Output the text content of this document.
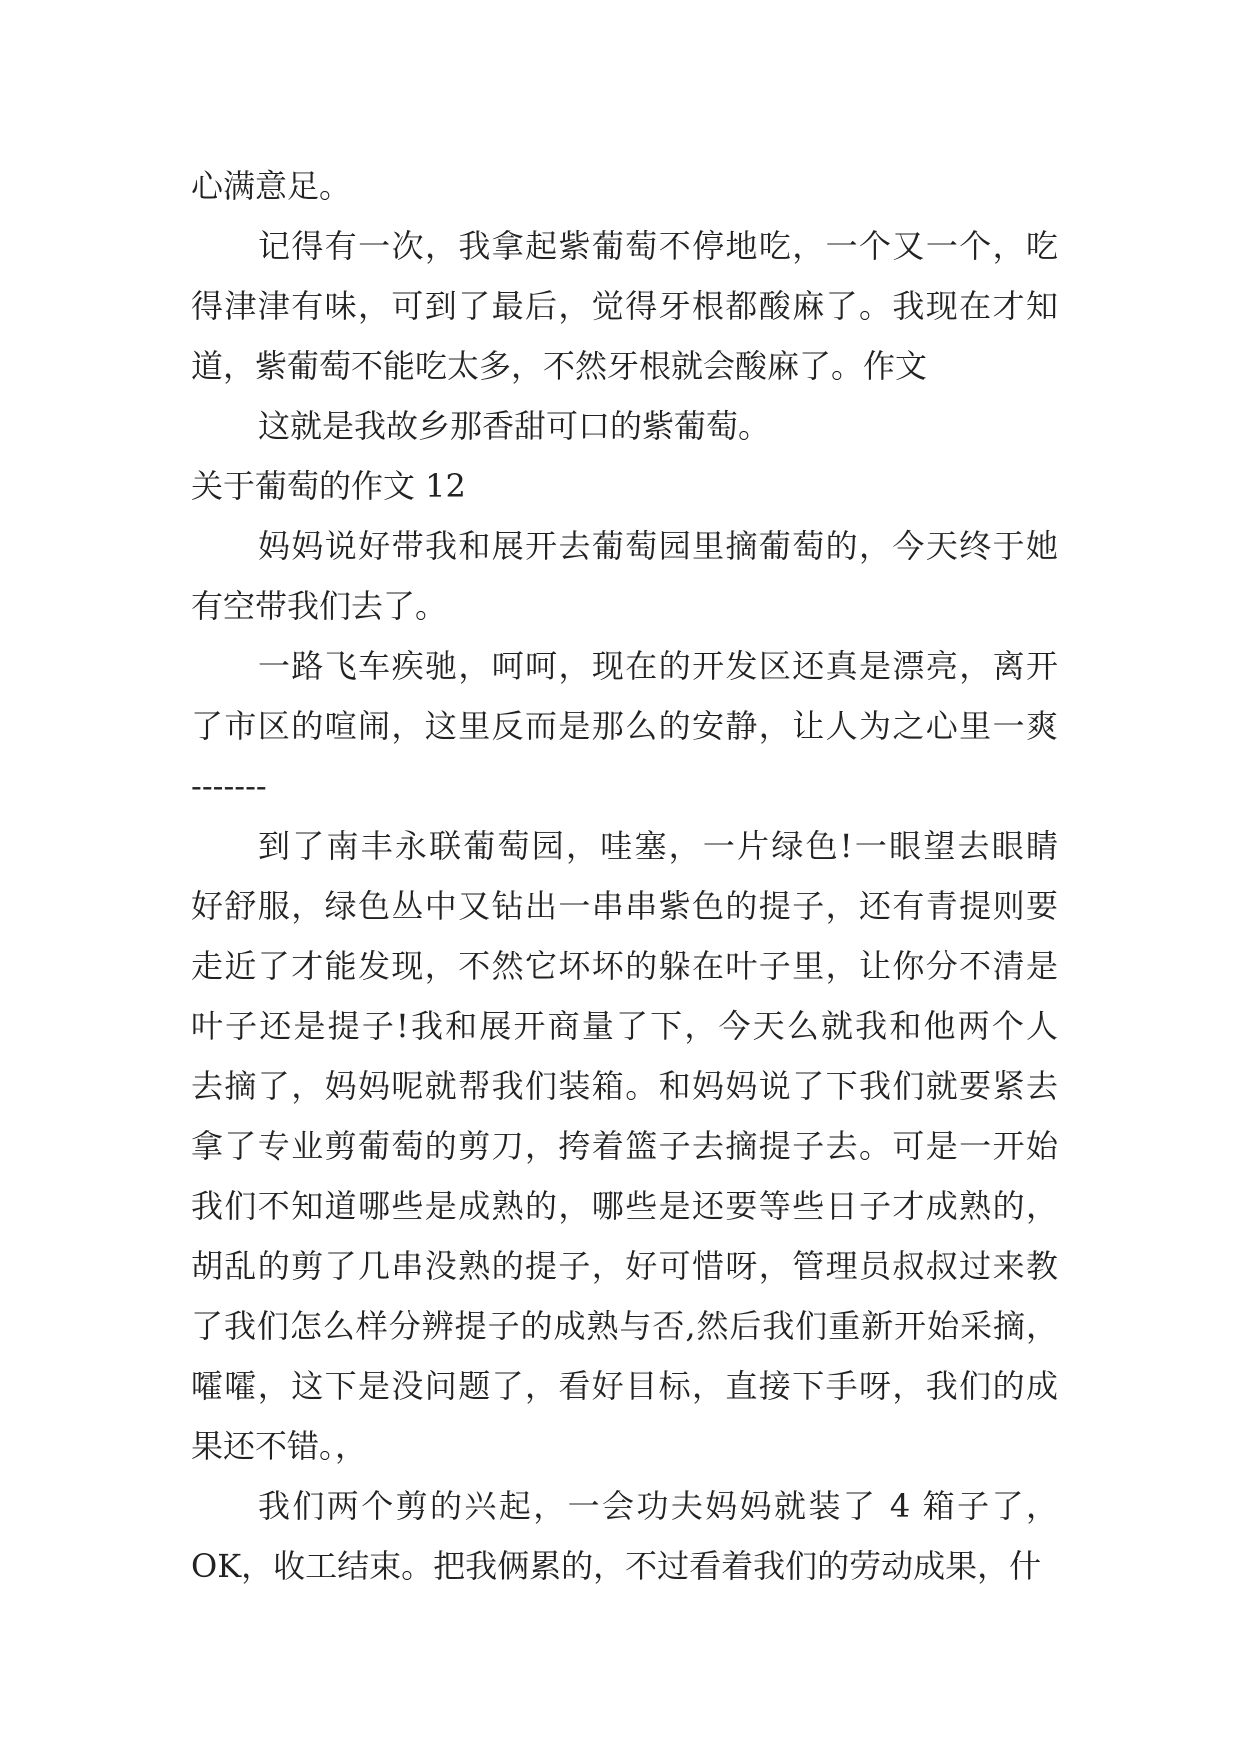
心满意足。
记得有一次，我拿起紫葡萄不停地吃，一个又一个，吃
得津津有味，可到了最后，觉得牙根都酸麻了。我现在才知
道，紫葡萄不能吃太多，不然牙根就会酸麻了。作文
这就是我故乡那香甜可口的紫葡萄。
关于葡萄的作文 12
妈妈说好带我和展开去葡萄园里摘葡萄的，今天终于她
有空带我们去了。
一路飞车疾驰，呵呵，现在的开发区还真是漂亮，离开
了市区的喧闹，这里反而是那么的安静，让人为之心里一爽
-------
到了南丰永联葡萄园，哇塞，一片绿色!一眼望去眼睛
好舒服，绿色丛中又钻出一串串紫色的提子，还有青提则要
走近了才能发现，不然它坏坏的躲在叶子里，让你分不清是
叶子还是提子!我和展开商量了下，今天么就我和他两个人
去摘了，妈妈呢就帮我们装箱。和妈妈说了下我们就要紧去
拿了专业剪葡萄的剪刀，挎着篮子去摘提子去。可是一开始
我们不知道哪些是成熟的，哪些是还要等些日子才成熟的，
胡乱的剪了几串没熟的提子，好可惜呀，管理员叔叔过来教
了我们怎么样分辨提子的成熟与否,然后我们重新开始采摘，
嚯嚯，这下是没问题了，看好目标，直接下手呀，我们的成
果还不错。，
我们两个剪的兴起，一会功夫妈妈就装了 4 箱子了，
OK，收工结束。把我俩累的，不过看着我们的劳动成果，什
